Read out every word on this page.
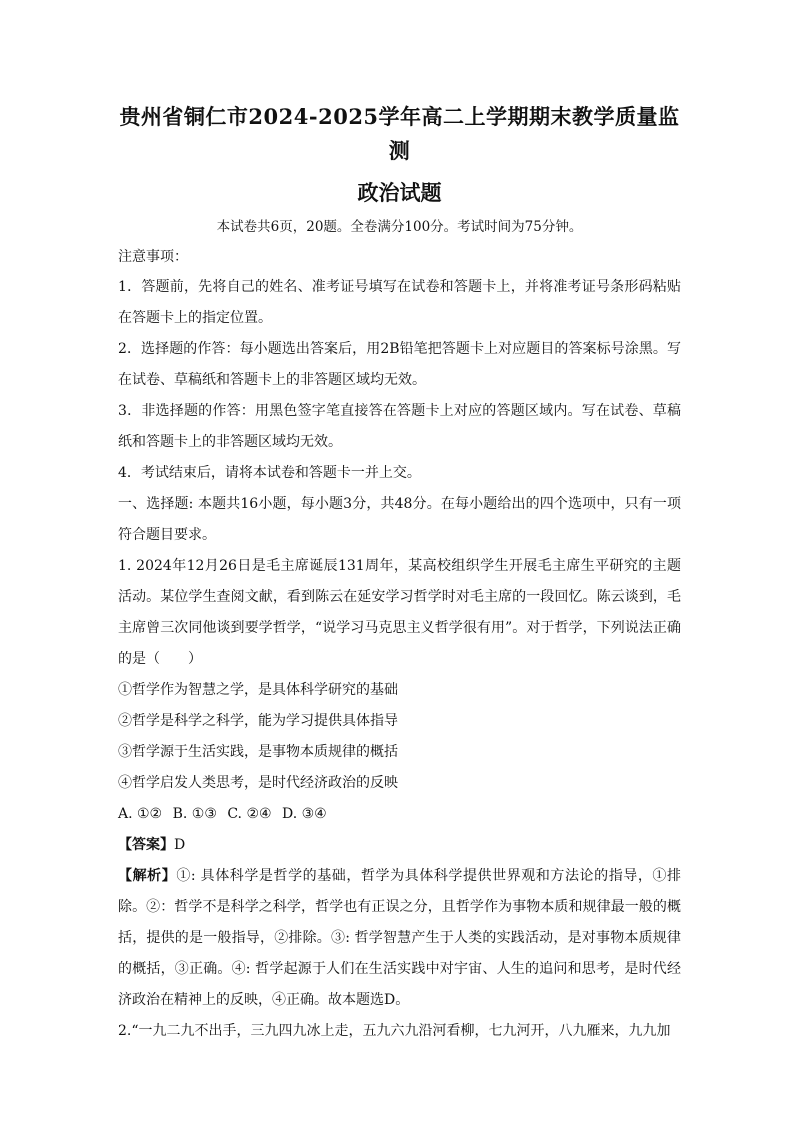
贵州省铜仁市2024-2025学年高二上学期期末教学质量监测
政治试题

本试卷共6页，20题。全卷满分100分。考试时间为75分钟。

注意事项：

1．答题前，先将自己的姓名、准考证号填写在试卷和答题卡上，并将准考证号条形码粘贴在答题卡上的指定位置。

2．选择题的作答：每小题选出答案后，用2B铅笔把答题卡上对应题目的答案标号涂黑。写在试卷、草稿纸和答题卡上的非答题区域均无效。

3．非选择题的作答：用黑色签字笔直接答在答题卡上对应的答题区域内。写在试卷、草稿纸和答题卡上的非答题区域均无效。

4．考试结束后，请将本试卷和答题卡一并上交。

一、选择题: 本题共16小题，每小题3分，共48分。在每小题给出的四个选项中，只有一项符合题目要求。

1. 2024年12月26日是毛主席诞辰131周年，某高校组织学生开展毛主席生平研究的主题活动。某位学生查阅文献，看到陈云在延安学习哲学时对毛主席的一段回忆。陈云谈到，毛主席曾三次同他谈到要学哲学，“说学习马克思主义哲学很有用”。对于哲学，下列说法正确的是（　　）

①哲学作为智慧之学，是具体科学研究的基础

②哲学是科学之科学，能为学习提供具体指导

③哲学源于生活实践，是事物本质规律的概括

④哲学启发人类思考，是时代经济政治的反映

A. ①② B. ①③ C. ②④ D. ③④

【答案】D

【解析】①: 具体科学是哲学的基础，哲学为具体科学提供世界观和方法论的指导，①排除。②：哲学不是科学之科学，哲学也有正误之分，且哲学作为事物本质和规律最一般的概括，提供的是一般指导，②排除。③: 哲学智慧产生于人类的实践活动，是对事物本质规律的概括，③正确。④: 哲学起源于人们在生活实践中对宇宙、人生的追问和思考，是时代经济政治在精神上的反映，④正确。故本题选D。

2.“一九二九不出手，三九四九冰上走，五九六九沿河看柳，七九河开，八九雁来，九九加
